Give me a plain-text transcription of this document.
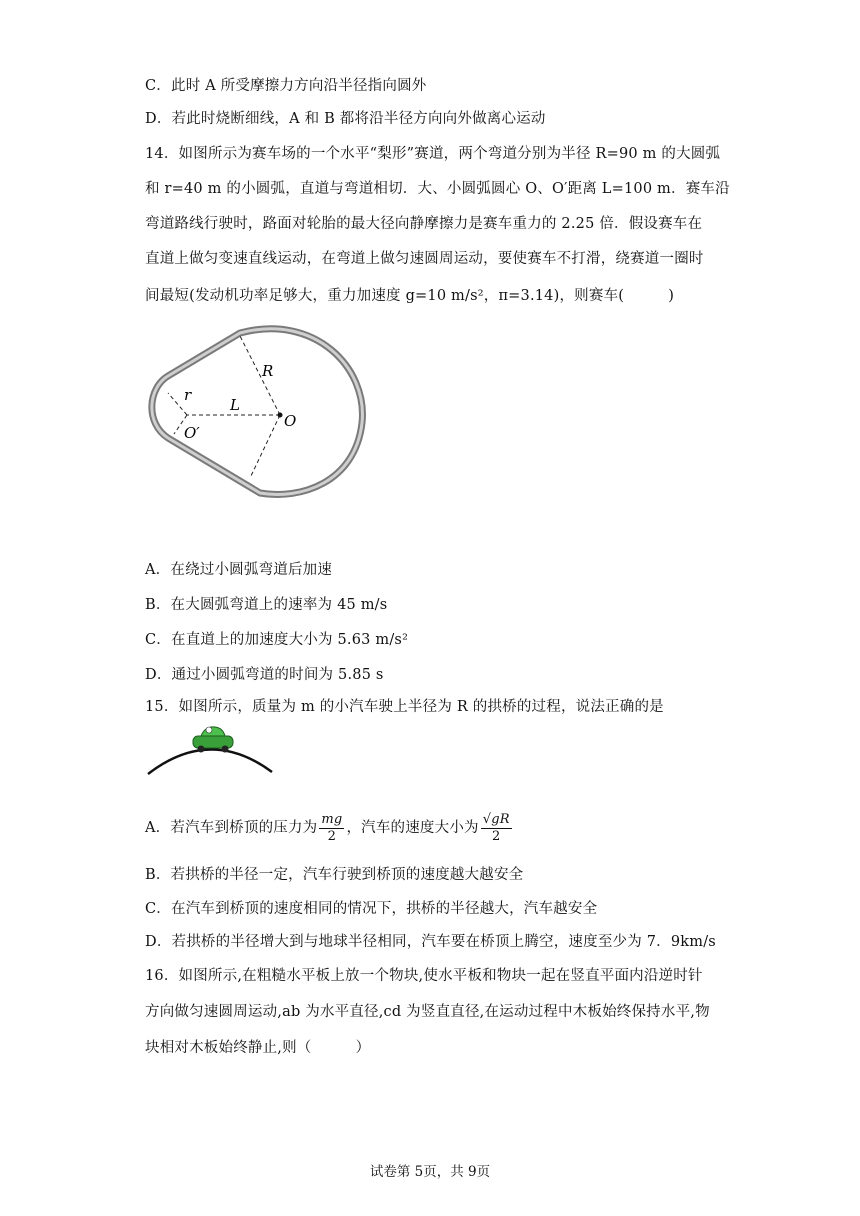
C．此时 A 所受摩擦力方向沿半径指向圆外
D．若此时烧断细线，A 和 B 都将沿半径方向向外做离心运动
14．如图所示为赛车场的一个水平“梨形”赛道，两个弯道分别为半径 R=90 m 的大圆弧
和 r=40 m 的小圆弧，直道与弯道相切．大、小圆弧圆心 O、O′距离 L=100 m．赛车沿
弯道路线行驶时，路面对轮胎的最大径向静摩擦力是赛车重力的 2.25 倍．假设赛车在
直道上做匀变速直线运动，在弯道上做匀速圆周运动，要使赛车不打滑，绕赛道一圈时
间最短(发动机功率足够大，重力加速度 g=10 m/s²，π=3.14)，则赛车(　　　)
R
r
L
O
O′
A．在绕过小圆弧弯道后加速
B．在大圆弧弯道上的速率为 45 m/s
C．在直道上的加速度大小为 5.63 m/s²
D．通过小圆弧弯道的时间为 5.85 s
15．如图所示，质量为 m 的小汽车驶上半径为 R 的拱桥的过程，说法正确的是
A．若汽车到桥顶的压力为 $\frac{mg}{2}$ ，汽车的速度大小为 $\frac{√gR}{2}$
B．若拱桥的半径一定，汽车行驶到桥顶的速度越大越安全
C．在汽车到桥顶的速度相同的情况下，拱桥的半径越大，汽车越安全
D．若拱桥的半径增大到与地球半径相同，汽车要在桥顶上腾空，速度至少为 7．9km/s
16．如图所示,在粗糙水平板上放一个物块,使水平板和物块一起在竖直平面内沿逆时针
方向做匀速圆周运动,ab 为水平直径,cd 为竖直直径,在运动过程中木板始终保持水平,物
块相对木板始终静止,则（　　　）
试卷第 5页，共 9页
